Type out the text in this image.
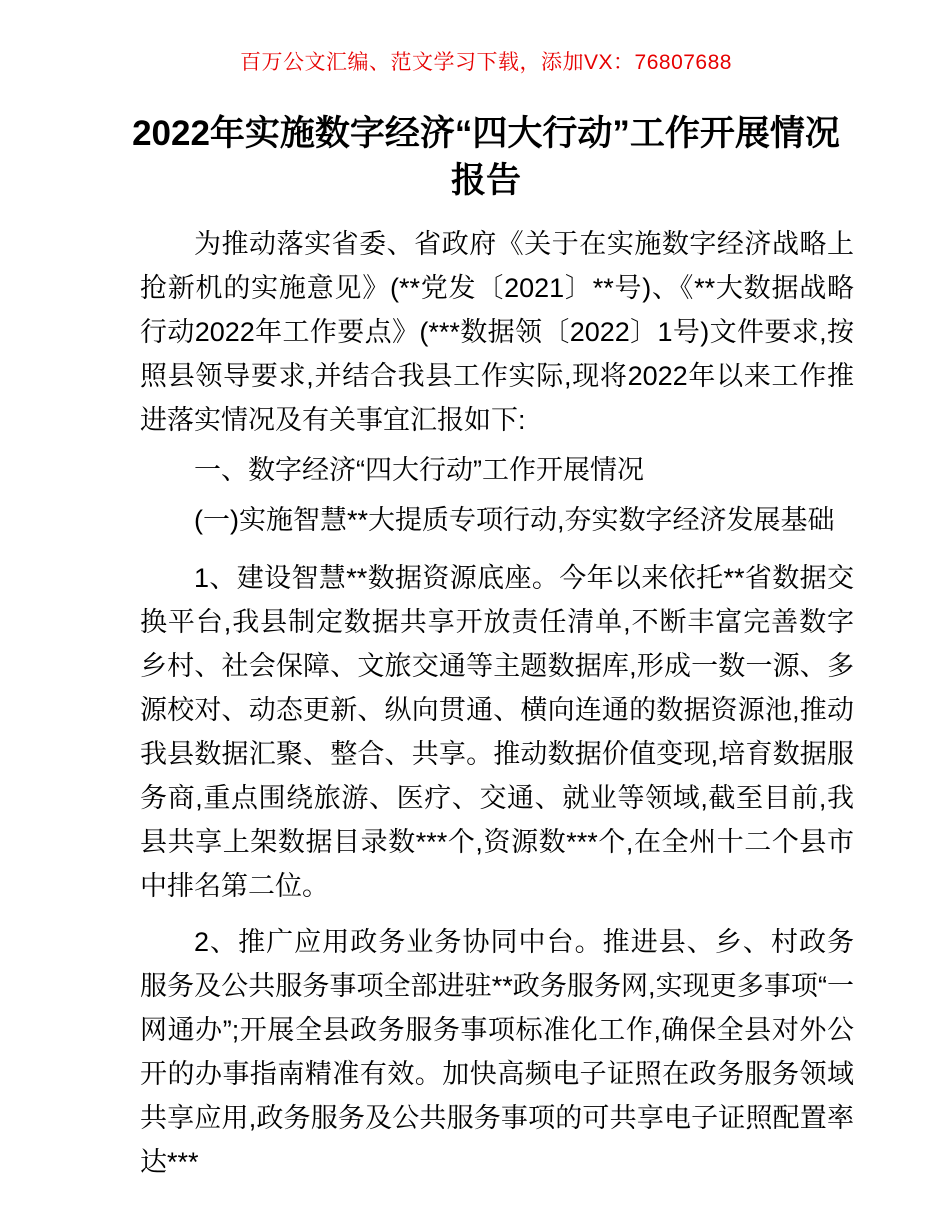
百万公文汇编、范文学习下载，添加VX：76807688
2022年实施数字经济“四大行动”工作开展情况报告

为推动落实省委、省政府《关于在实施数字经济战略上抢新机的实施意见》(**党发〔2021〕**号)、《**大数据战略行动2022年工作要点》(***数据领〔2022〕1号)文件要求,按照县领导要求,并结合我县工作实际,现将2022年以来工作推进落实情况及有关事宜汇报如下:

一、数字经济“四大行动”工作开展情况

(一)实施智慧**大提质专项行动,夯实数字经济发展基础

1、建设智慧**数据资源底座。今年以来依托**省数据交换平台,我县制定数据共享开放责任清单,不断丰富完善数字乡村、社会保障、文旅交通等主题数据库,形成一数一源、多源校对、动态更新、纵向贯通、横向连通的数据资源池,推动我县数据汇聚、整合、共享。推动数据价值变现,培育数据服务商,重点围绕旅游、医疗、交通、就业等领域,截至目前,我县共享上架数据目录数***个,资源数***个,在全州十二个县市中排名第二位。

2、推广应用政务业务协同中台。推进县、乡、村政务服务及公共服务事项全部进驻**政务服务网,实现更多事项“一网通办”;开展全县政务服务事项标准化工作,确保全县对外公开的办事指南精准有效。加快高频电子证照在政务服务领域共享应用,政务服务及公共服务事项的可共享电子证照配置率达***
